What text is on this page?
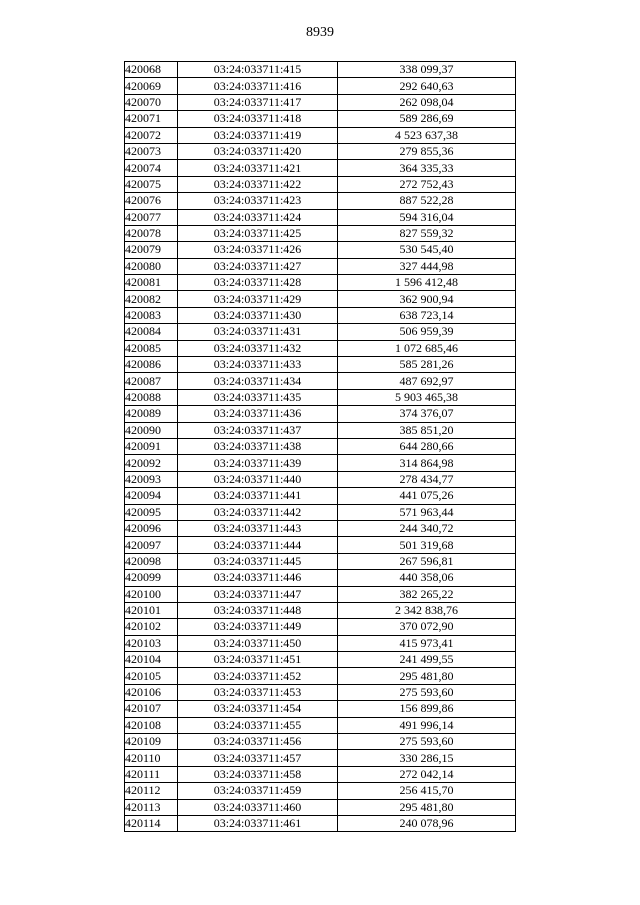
8939
420068	03:24:033711:415	338 099,37
420069	03:24:033711:416	292 640,63
420070	03:24:033711:417	262 098,04
420071	03:24:033711:418	589 286,69
420072	03:24:033711:419	4 523 637,38
420073	03:24:033711:420	279 855,36
420074	03:24:033711:421	364 335,33
420075	03:24:033711:422	272 752,43
420076	03:24:033711:423	887 522,28
420077	03:24:033711:424	594 316,04
420078	03:24:033711:425	827 559,32
420079	03:24:033711:426	530 545,40
420080	03:24:033711:427	327 444,98
420081	03:24:033711:428	1 596 412,48
420082	03:24:033711:429	362 900,94
420083	03:24:033711:430	638 723,14
420084	03:24:033711:431	506 959,39
420085	03:24:033711:432	1 072 685,46
420086	03:24:033711:433	585 281,26
420087	03:24:033711:434	487 692,97
420088	03:24:033711:435	5 903 465,38
420089	03:24:033711:436	374 376,07
420090	03:24:033711:437	385 851,20
420091	03:24:033711:438	644 280,66
420092	03:24:033711:439	314 864,98
420093	03:24:033711:440	278 434,77
420094	03:24:033711:441	441 075,26
420095	03:24:033711:442	571 963,44
420096	03:24:033711:443	244 340,72
420097	03:24:033711:444	501 319,68
420098	03:24:033711:445	267 596,81
420099	03:24:033711:446	440 358,06
420100	03:24:033711:447	382 265,22
420101	03:24:033711:448	2 342 838,76
420102	03:24:033711:449	370 072,90
420103	03:24:033711:450	415 973,41
420104	03:24:033711:451	241 499,55
420105	03:24:033711:452	295 481,80
420106	03:24:033711:453	275 593,60
420107	03:24:033711:454	156 899,86
420108	03:24:033711:455	491 996,14
420109	03:24:033711:456	275 593,60
420110	03:24:033711:457	330 286,15
420111	03:24:033711:458	272 042,14
420112	03:24:033711:459	256 415,70
420113	03:24:033711:460	295 481,80
420114	03:24:033711:461	240 078,96
